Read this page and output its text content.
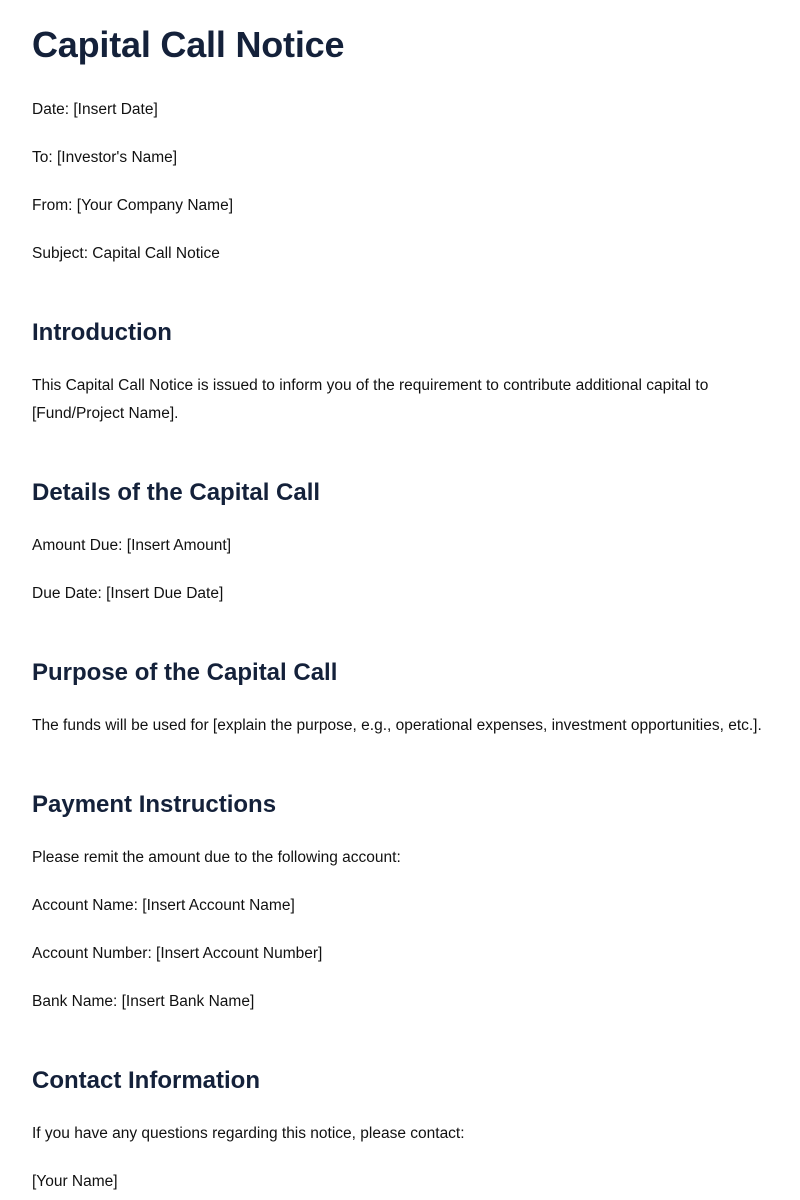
Capital Call Notice

Date: [Insert Date]

To: [Investor's Name]

From: [Your Company Name]

Subject: Capital Call Notice

Introduction

This Capital Call Notice is issued to inform you of the requirement to contribute additional capital to [Fund/Project Name].

Details of the Capital Call

Amount Due: [Insert Amount]

Due Date: [Insert Due Date]

Purpose of the Capital Call

The funds will be used for [explain the purpose, e.g., operational expenses, investment opportunities, etc.].

Payment Instructions

Please remit the amount due to the following account:

Account Name: [Insert Account Name]

Account Number: [Insert Account Number]

Bank Name: [Insert Bank Name]

Contact Information

If you have any questions regarding this notice, please contact:

[Your Name]
